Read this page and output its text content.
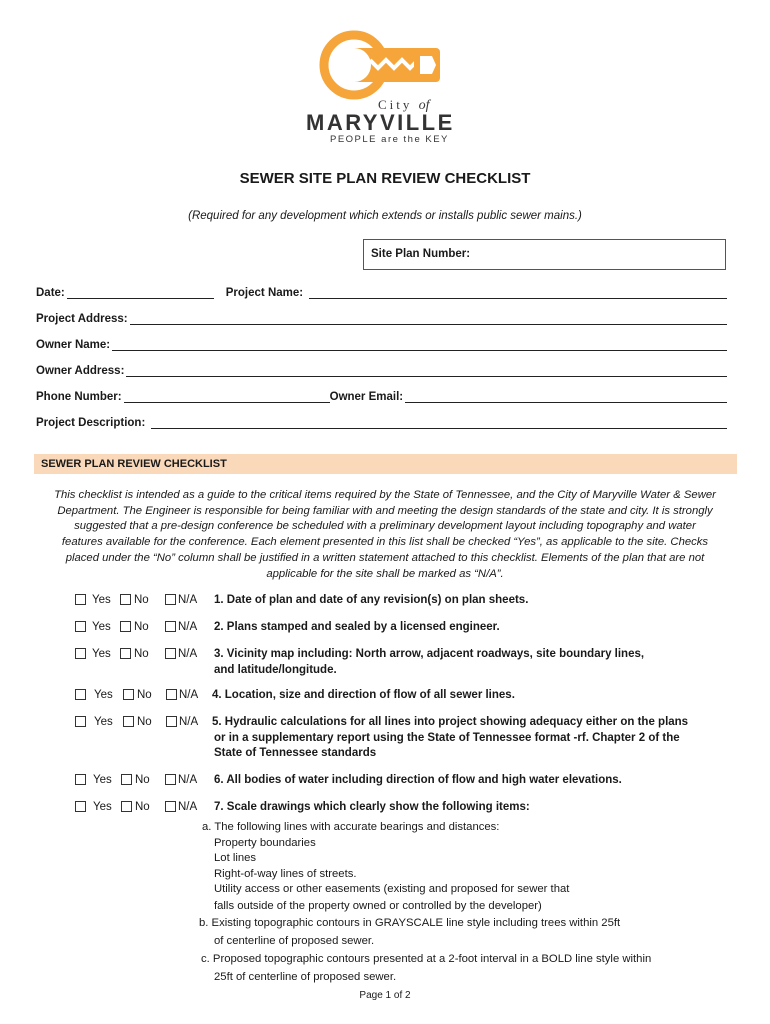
City of
MARYVILLE
PEOPLE are the KEY
SEWER SITE PLAN REVIEW CHECKLIST
(Required for any development which extends or installs public sewer mains.)
Site Plan Number:
Date:	Project Name:
Project Address:
Owner Name:
Owner Address:
Phone Number:	Owner Email:
Project Description:
SEWER PLAN REVIEW CHECKLIST
This checklist is intended as a guide to the critical items required by the State of Tennessee, and the City of Maryville Water & Sewer
Department. The Engineer is responsible for being familiar with and meeting the design standards of the state and city. It is strongly
suggested that a pre-design conference be scheduled with a preliminary development layout including topography and water
features available for the conference. Each element presented in this list shall be checked “Yes”, as applicable to the site. Checks
placed under the “No” column shall be justified in a written statement attached to this checklist. Elements of the plan that are not
applicable for the site shall be marked as “N/A”.
Yes No	N/A 1. Date of plan and date of any revision(s) on plan sheets.
Yes No	N/A 2. Plans stamped and sealed by a licensed engineer.
Yes No	N/A 3. Vicinity map including: North arrow, adjacent roadways, site boundary lines,
and latitude/longitude.
Yes No N/A 4. Location, size and direction of flow of all sewer lines.
Yes No N/A 5. Hydraulic calculations for all lines into project showing adequacy either on the plans
or in a supplementary report using the State of Tennessee format -rf. Chapter 2 of the
State of Tennessee standards
Yes No N/A 6. All bodies of water including direction of flow and high water elevations.
Yes No N/A 7. Scale drawings which clearly show the following items:
a. The following lines with accurate bearings and distances:
Property boundaries
Lot lines
Right-of-way lines of streets.
Utility access or other easements (existing and proposed for sewer that
falls outside of the property owned or controlled by the developer)
b. Existing topographic contours in GRAYSCALE line style including trees within 25ft
of centerline of proposed sewer.
c. Proposed topographic contours presented at a 2-foot interval in a BOLD line style within
25ft of centerline of proposed sewer.
Page 1 of 2
